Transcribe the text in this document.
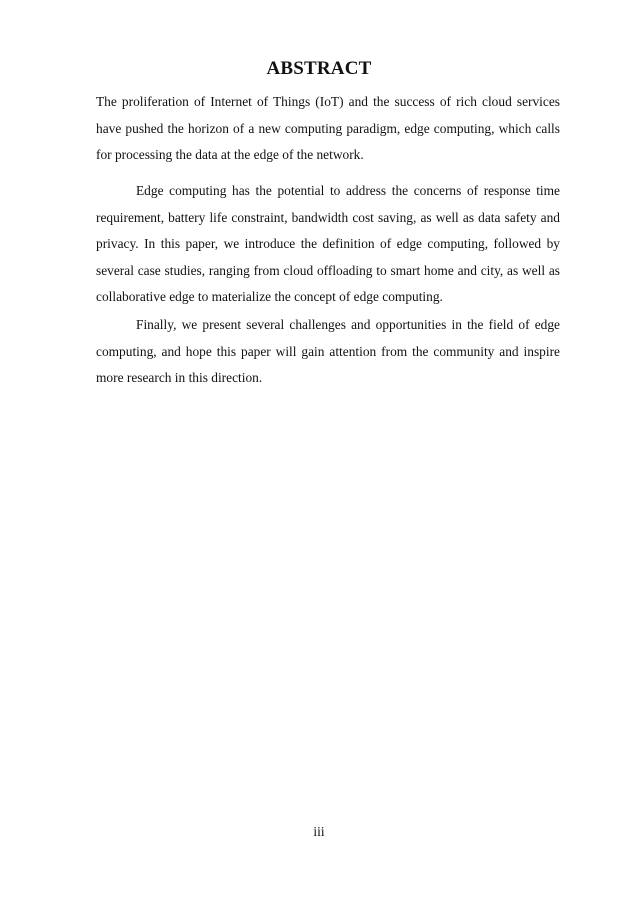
ABSTRACT

The proliferation of Internet of Things (IoT) and the success of rich cloud services have pushed the horizon of a new computing paradigm, edge computing, which calls for processing the data at the edge of the network.

Edge computing has the potential to address the concerns of response time requirement, battery life constraint, bandwidth cost saving, as well as data safety and privacy. In this paper, we introduce the definition of edge computing, followed by several case studies, ranging from cloud offloading to smart home and city, as well as collaborative edge to materialize the concept of edge computing.

Finally, we present several challenges and opportunities in the field of edge computing, and hope this paper will gain attention from the community and inspire more research in this direction.

iii
